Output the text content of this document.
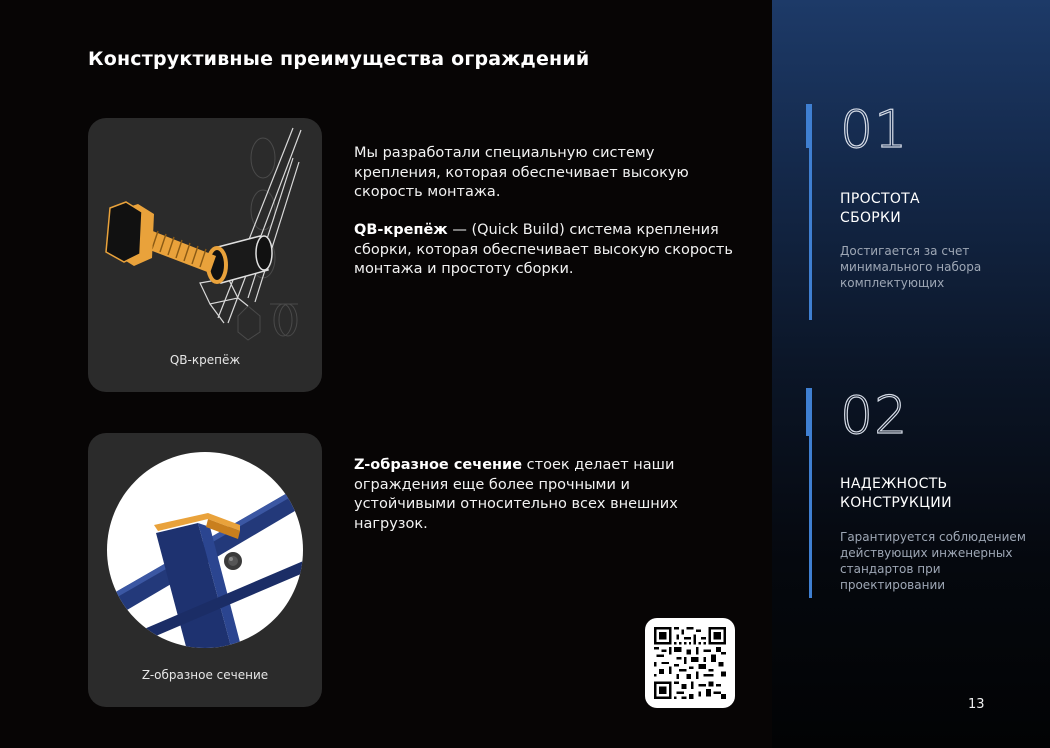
Конструктивные преимущества ограждений
QB-крепёж
Z-образное сечение

Мы разработали специальную систему крепления, которая обеспечивает высокую скорость монтажа.

QB-крепёж — (Quick Build) система крепления сборки, которая обеспечивает высокую скорость монтажа и простоту сборки.

Z-образное сечение стоек делает наши ограждения еще более прочными и устойчивыми относительно всех внешних нагрузок.

01

ПРОСТОТА
СБОРКИ

Достигается за счет минимального набора комплектующих

02

НАДЕЖНОСТЬ
КОНСТРУКЦИИ

Гарантируется соблюдением действующих инженерных стандартов при проектировании

13
